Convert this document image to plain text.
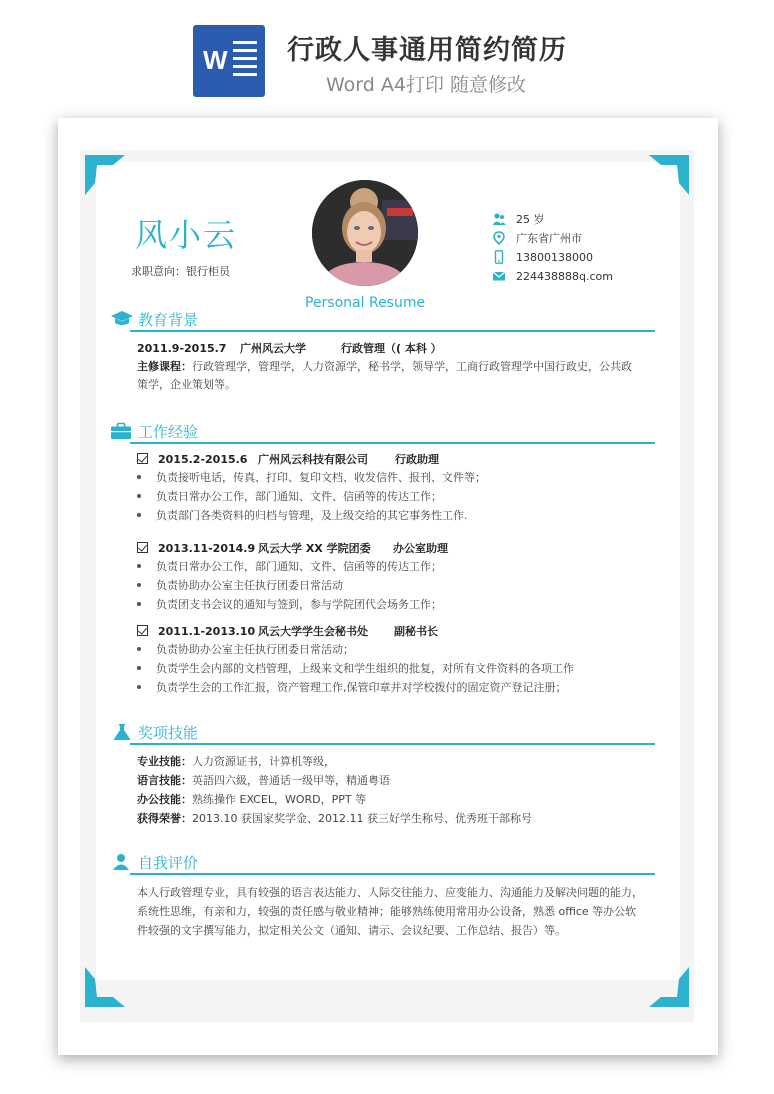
W 行政人事通用简约简历
Word A4打印 随意修改
风小云
求职意向：银行柜员
Personal Resume
25 岁
广东省广州市
13800138000
224438888q.com
教育背景
2011.9-2015.7 广州风云大学	行政管理（( 本科 ）
主修课程：行政管理学，管理学，人力资源学，秘书学，领导学，工商行政管理学中国行政史，公共政策学，企业策划等。
工作经验
2015.2-2015.6 广州风云科技有限公司 行政助理
负责接听电话，传真、打印、复印文档、收发信件、报刊、文件等；
负责日常办公工作，部门通知、文件、信函等的传达工作；
负责部门各类资料的归档与管理，及上级交给的其它事务性工作.
2013.11-2014.9 风云大学 XX 学院团委 办公室助理
负责日常办公工作，部门通知、文件、信函等的传达工作；
负责协助办公室主任执行团委日常活动
负责团支书会议的通知与签到，参与学院团代会场务工作；
2011.1-2013.10 风云大学学生会秘书处 副秘书长
负责协助办公室主任执行团委日常活动；
负责学生会内部的文档管理，上级来文和学生组织的批复，对所有文件资料的各项工作
负责学生会的工作汇报，资产管理工作,保管印章并对学校拨付的固定资产登记注册；
奖项技能
专业技能：人力资源证书，计算机等级，
语言技能：英語四六級，普通话一级甲等，精通粤语
办公技能：熟练操作 EXCEL，WORD，PPT 等
获得荣誉：2013.10 获国家奖学金、2012.11 获三好学生称号、优秀班干部称号
自我评价
本人行政管理专业，具有较强的语言表达能力、人际交往能力、应变能力、沟通能力及解决问题的能力，
系统性思维，有亲和力，较强的责任感与敬业精神；能够熟练使用常用办公设备，熟悉 office 等办公软
件较强的文字撰写能力，拟定相关公文（通知、请示、会议纪要、工作总结、报告）等。
